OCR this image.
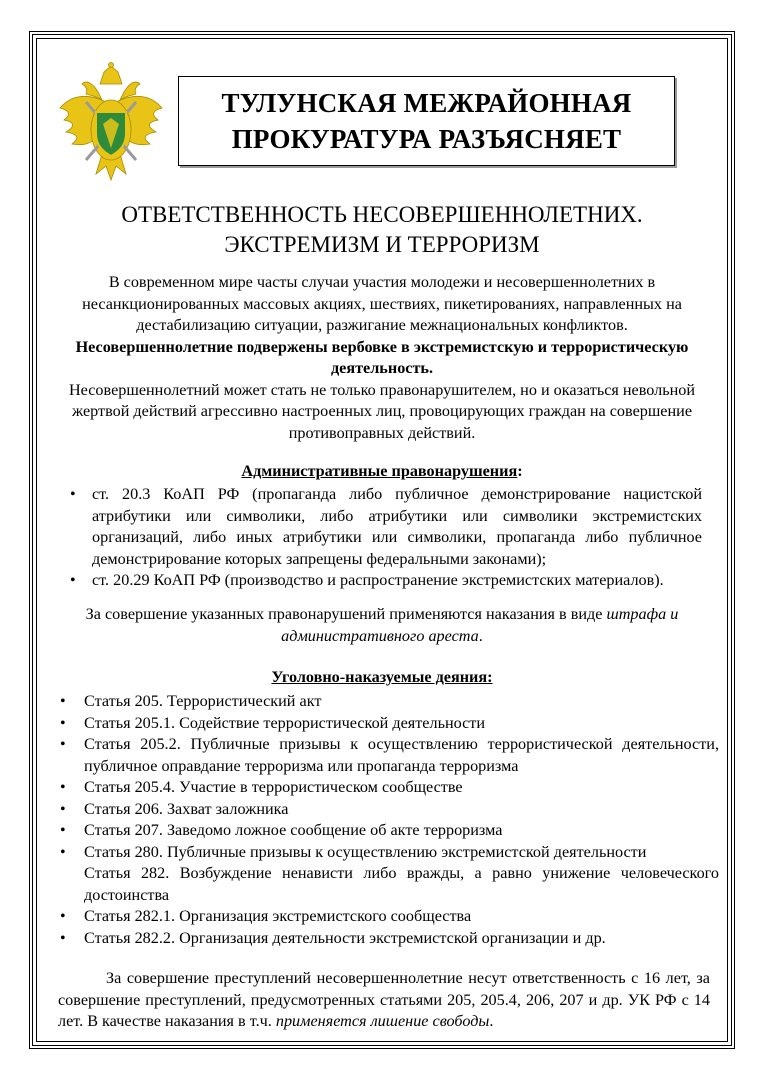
ТУЛУНСКАЯ МЕЖРАЙОННАЯ
ПРОКУРАТУРА РАЗЪЯСНЯЕТ
ОТВЕТСТВЕННОСТЬ НЕСОВЕРШЕННОЛЕТНИХ.
ЭКСТРЕМИЗМ И ТЕРРОРИЗМ

В современном мире часты случаи участия молодежи и несовершеннолетних в несанкционированных массовых акциях, шествиях, пикетированиях, направленных на дестабилизацию ситуации, разжигание межнациональных конфликтов.

Несовершеннолетние подвержены вербовке в экстремистскую и террористическую деятельность.

Несовершеннолетний может стать не только правонарушителем, но и оказаться невольной жертвой действий агрессивно настроенных лиц, провоцирующих граждан на совершение противоправных действий.

Административные правонарушения:
• ст. 20.3 КоАП РФ (пропаганда либо публичное демонстрирование нацистской атрибутики или символики, либо атрибутики или символики экстремистских организаций, либо иных атрибутики или символики, пропаганда либо публичное демонстрирование которых запрещены федеральными законами);
• ст. 20.29 КоАП РФ (производство и распространение экстремистских материалов).
За совершение указанных правонарушений применяются наказания в виде штрафа и административного ареста.
Уголовно-наказуемые деяния:
• Статья 205. Террористический акт
• Статья 205.1. Содействие террористической деятельности
• Статья 205.2. Публичные призывы к осуществлению террористической деятельности, публичное оправдание терроризма или пропаганда терроризма
• Статья 205.4. Участие в террористическом сообществе
• Статья 206. Захват заложника
• Статья 207. Заведомо ложное сообщение об акте терроризма
• Статья 280. Публичные призывы к осуществлению экстремистской деятельности
Статья 282. Возбуждение ненависти либо вражды, а равно унижение человеческого достоинства
• Статья 282.1. Организация экстремистского сообщества
• Статья 282.2. Организация деятельности экстремистской организации и др.
За совершение преступлений несовершеннолетние несут ответственность с 16 лет, за совершение преступлений, предусмотренных статьями 205, 205.4, 206, 207 и др. УК РФ с 14 лет. В качестве наказания в т.ч. применяется лишение свободы.
